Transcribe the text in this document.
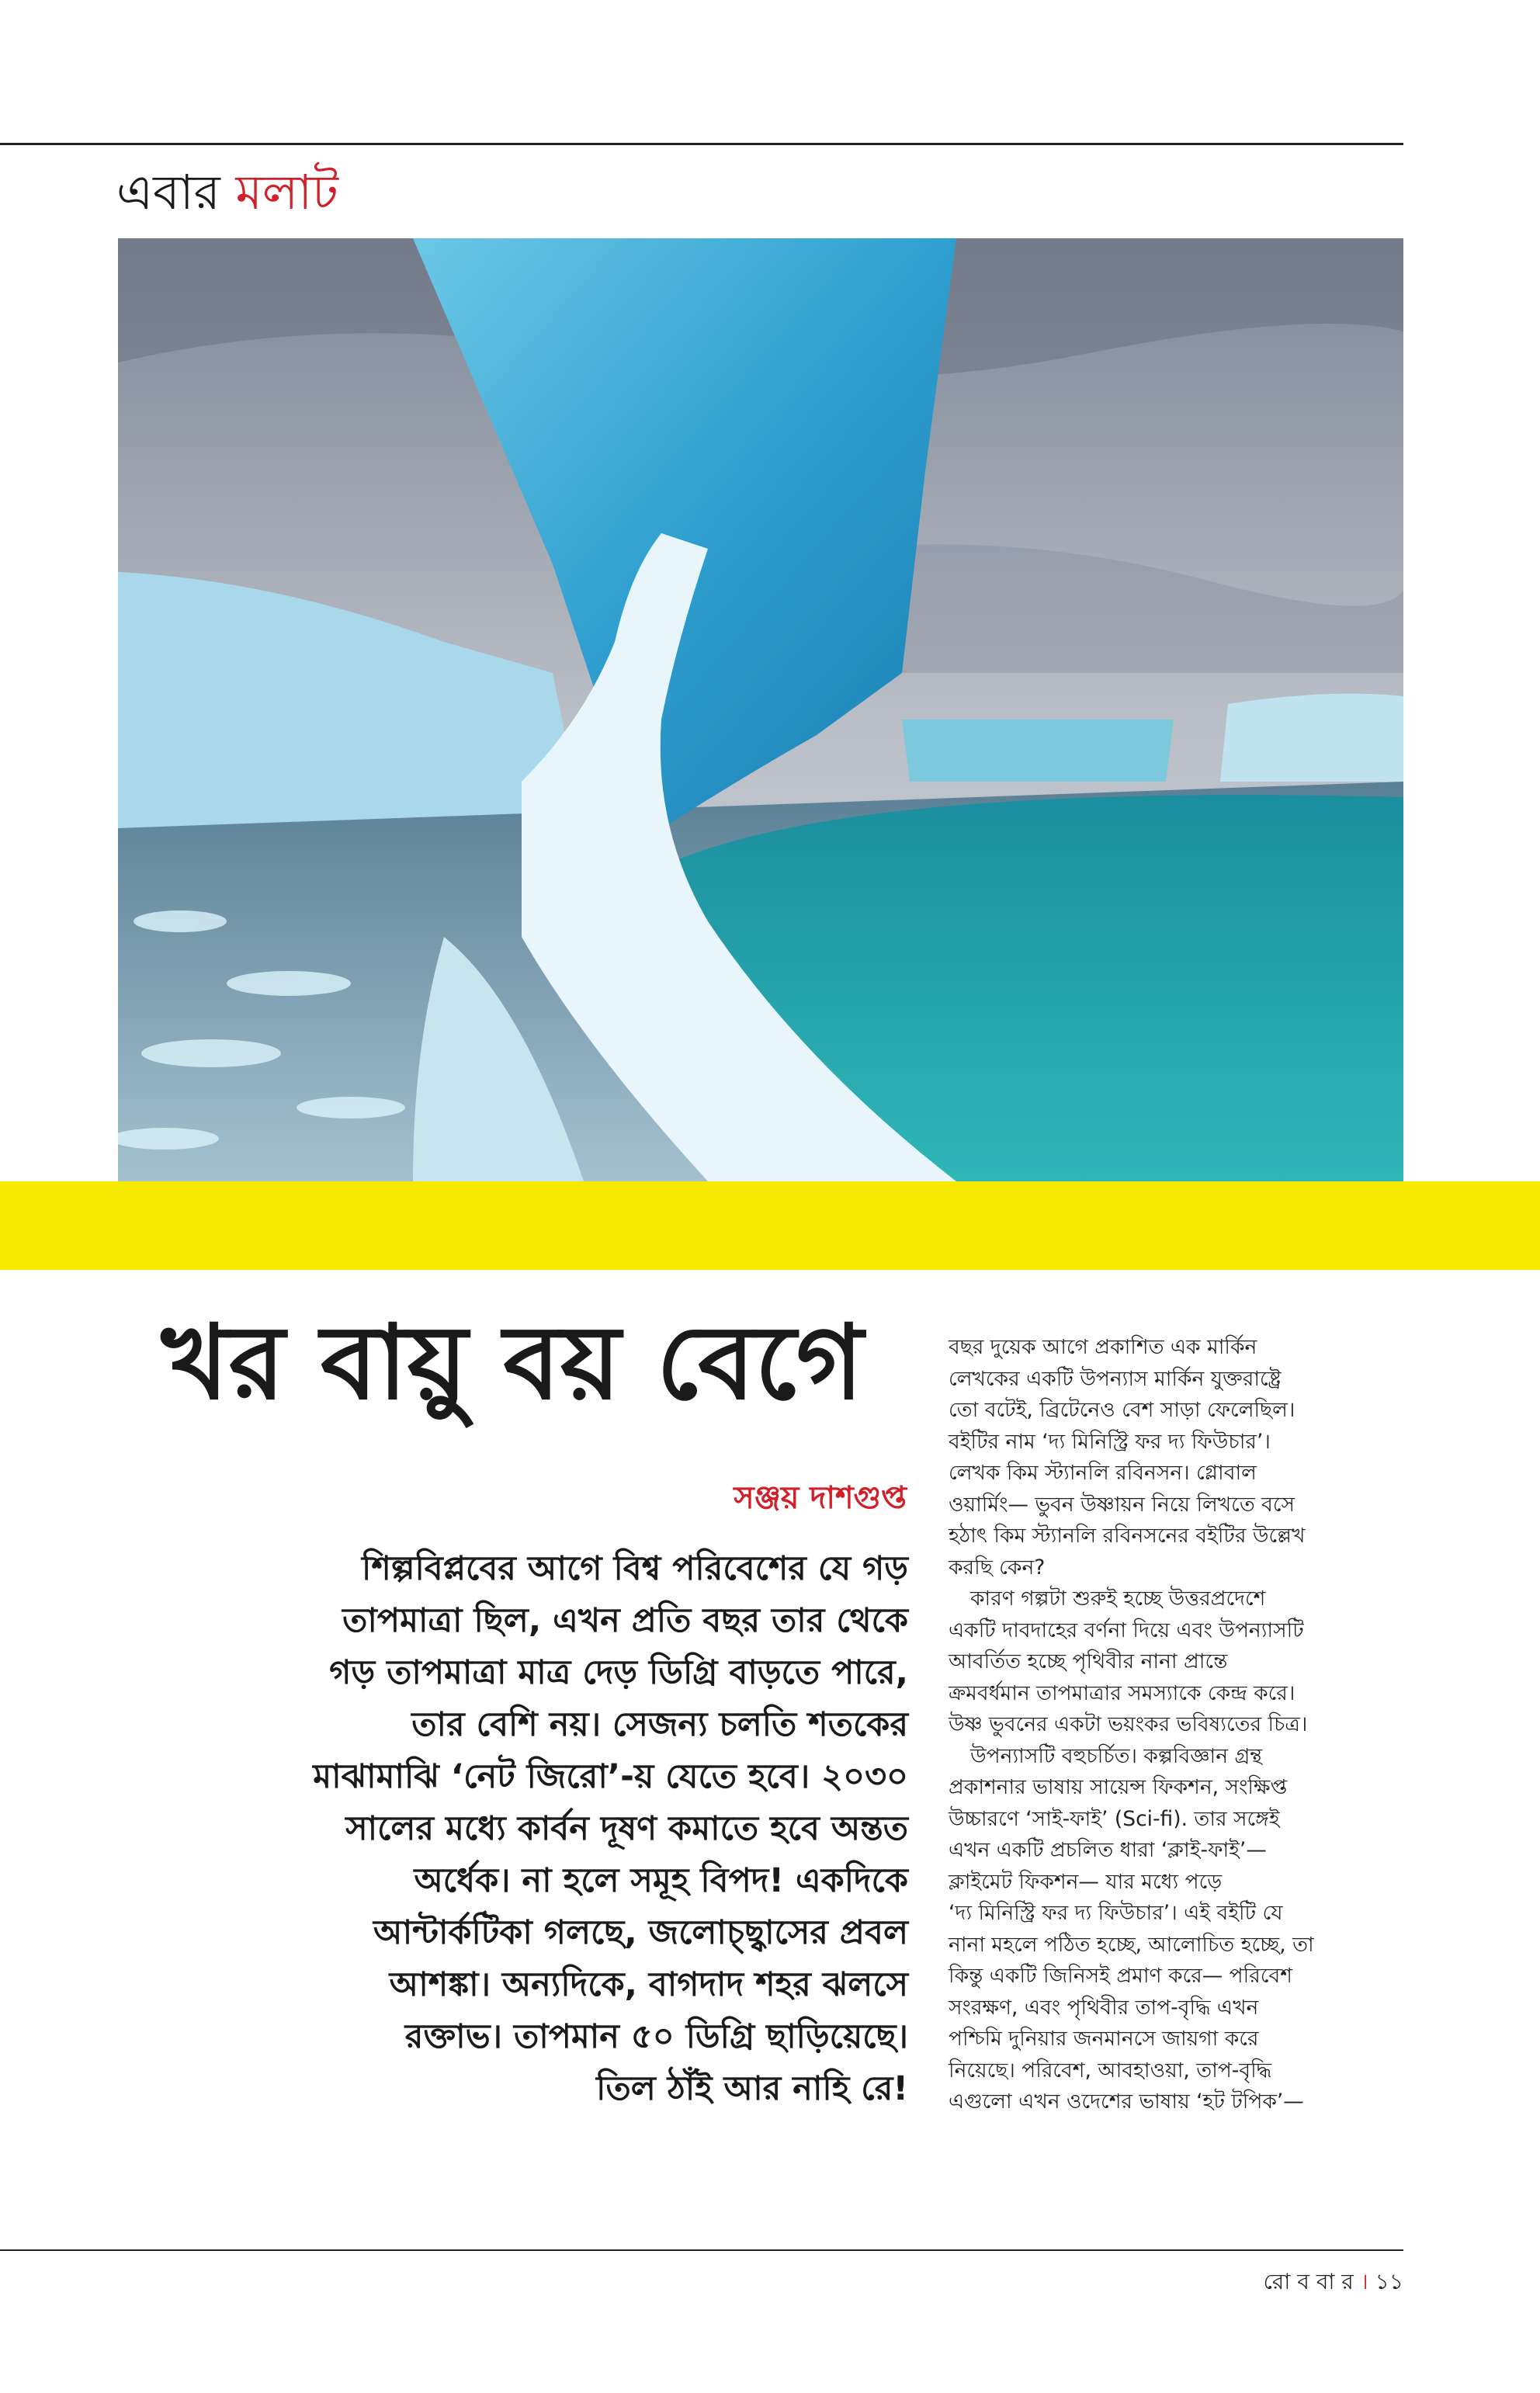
এবার মলাট
খর বায়ু বয় বেগে
সঞ্জয় দাশগুপ্ত
শিল্পবিপ্লবের আগে বিশ্ব পরিবেশের যে গড়
তাপমাত্রা ছিল, এখন প্রতি বছর তার থেকে
গড় তাপমাত্রা মাত্র দেড় ডিগ্রি বাড়তে পারে,
তার বেশি নয়। সেজন্য চলতি শতকের
মাঝামাঝি ‘নেট জিরো’-য় যেতে হবে। ২০৩০
সালের মধ্যে কার্বন দূষণ কমাতে হবে অন্তত
অর্ধেক। না হলে সমূহ বিপদ! একদিকে
আন্টার্কটিকা গলছে, জলোচ্ছ্বাসের প্রবল
আশঙ্কা। অন্যদিকে, বাগদাদ শহর ঝলসে
রক্তাভ। তাপমান ৫০ ডিগ্রি ছাড়িয়েছে।
তিল ঠাঁই আর নাহি রে!
বছর দুয়েক আগে প্রকাশিত এক মার্কিন
লেখকের একটি উপন্যাস মার্কিন যুক্তরাষ্ট্রে
তো বটেই, ব্রিটেনেও বেশ সাড়া ফেলেছিল।
বইটির নাম ‘দ্য মিনিস্ট্রি ফর দ্য ফিউচার’।
লেখক কিম স্ট্যানলি রবিনসন। গ্লোবাল
ওয়ার্মিং— ভুবন উষ্ণায়ন নিয়ে লিখতে বসে
হঠাৎ কিম স্ট্যানলি রবিনসনের বইটির উল্লেখ
করছি কেন?
কারণ গল্পটা শুরুই হচ্ছে উত্তরপ্রদেশে
একটি দাবদাহের বর্ণনা দিয়ে এবং উপন্যাসটি
আবর্তিত হচ্ছে পৃথিবীর নানা প্রান্তে
ক্রমবর্ধমান তাপমাত্রার সমস্যাকে কেন্দ্র করে।
উষ্ণ ভুবনের একটা ভয়ংকর ভবিষ্যতের চিত্র।
উপন্যাসটি বহুচর্চিত। কল্পবিজ্ঞান গ্রন্থ
প্রকাশনার ভাষায় সায়েন্স ফিকশন, সংক্ষিপ্ত
উচ্চারণে ‘সাই-ফাই’ (Sci-fi). তার সঙ্গেই
এখন একটি প্রচলিত ধারা ‘ক্লাই-ফাই’—
ক্লাইমেট ফিকশন— যার মধ্যে পড়ে
‘দ্য মিনিস্ট্রি ফর দ্য ফিউচার’। এই বইটি যে
নানা মহলে পঠিত হচ্ছে, আলোচিত হচ্ছে, তা
কিন্তু একটি জিনিসই প্রমাণ করে— পরিবেশ
সংরক্ষণ, এবং পৃথিবীর তাপ-বৃদ্ধি এখন
পশ্চিমি দুনিয়ার জনমানসে জায়গা করে
নিয়েছে। পরিবেশ, আবহাওয়া, তাপ-বৃদ্ধি
এগুলো এখন ওদেশের ভাষায় ‘হট টপিক’—
রো ব বা র । ১১
